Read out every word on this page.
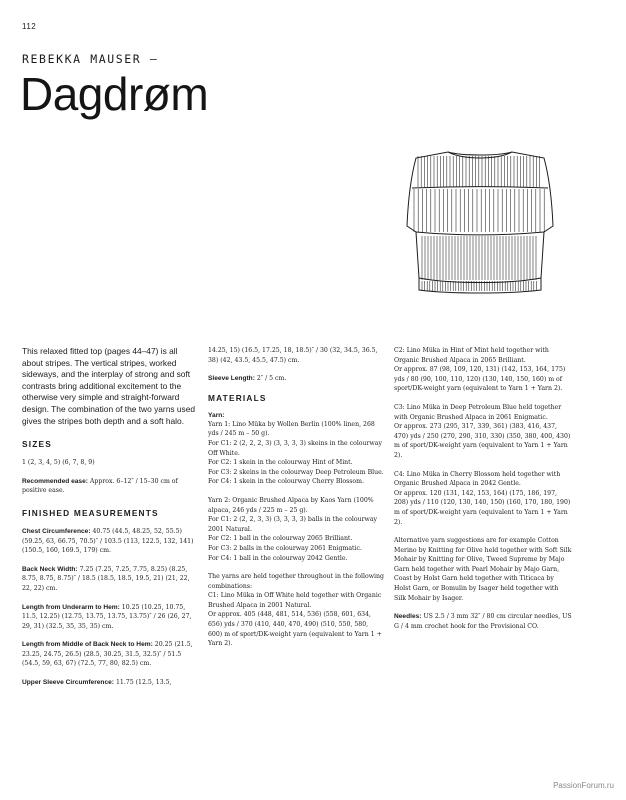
112
REBEKKA MAUSER –
Dagdrøm

This relaxed fitted top (pages 44–47) is all about stripes. The vertical stripes, worked sideways, and the interplay of strong and soft contrasts bring additional excitement to the otherwise very simple and straight-forward design. The combination of the two yarns used gives the stripes both depth and a soft halo.

SIZES

1 (2, 3, 4, 5) (6, 7, 8, 9)

Recommended ease: Approx. 6–12″ / 15–30 cm of positive ease.

FINISHED MEASUREMENTS

Chest Circumference: 40.75 (44.5, 48.25, 52, 55.5) (59.25, 63, 66.75, 70.5)″ / 103.5 (113, 122.5, 132, 141) (150.5, 160, 169.5, 179) cm.

Back Neck Width: 7.25 (7.25, 7.25, 7.75, 8.25) (8.25, 8.75, 8.75, 8.75)″ / 18.5 (18.5, 18.5, 19.5, 21) (21, 22, 22, 22) cm.

Length from Underarm to Hem: 10.25 (10.25, 10.75, 11.5, 12.25) (12.75, 13.75, 13.75, 13.75)″ / 26 (26, 27, 29, 31) (32.5, 35, 35, 35) cm.

Length from Middle of Back Neck to Hem: 20.25 (21.5, 23.25, 24.75, 26.5) (28.5, 30.25, 31.5, 32.5)″ / 51.5 (54.5, 59, 63, 67) (72.5, 77, 80, 82.5) cm.

Upper Sleeve Circumference: 11.75 (12.5, 13.5,

14.25, 15) (16.5, 17.25, 18, 18.5)″ / 30 (32, 34.5, 36.5, 38) (42, 43.5, 45.5, 47.5) cm.

Sleeve Length: 2″ / 5 cm.

MATERIALS
Yarn:

Yarn 1: Lino Müka by Wollen Berlin (100% linen, 268 yds / 245 m – 50 g).

For C1: 2 (2, 2, 2, 3) (3, 3, 3, 3) skeins in the colourway Off White.

For C2: 1 skein in the colourway Hint of Mint.

For C3: 2 skeins in the colourway Deep Petroleum Blue.

For C4: 1 skein in the colourway Cherry Blossom.

Yarn 2: Organic Brushed Alpaca by Kaos Yarn (100% alpaca, 246 yds / 225 m – 25 g).

For C1: 2 (2, 2, 3, 3) (3, 3, 3, 3) balls in the colourway 2001 Natural.

For C2: 1 ball in the colourway 2065 Brilliant.

For C3: 2 balls in the colourway 2061 Enigmatic.

For C4: 1 ball in the colourway 2042 Gentle.

The yarns are held together throughout in the following combinations:

C1: Lino Müka in Off White held together with Organic Brushed Alpaca in 2001 Natural.

Or approx. 405 (448, 481, 514, 536) (558, 601, 634, 656) yds / 370 (410, 440, 470, 490) (510, 550, 580, 600) m of sport/DK-weight yarn (equivalent to Yarn 1 + Yarn 2).

C2: Lino Müka in Hint of Mint held together with Organic Brushed Alpaca in 2065 Brilliant.

Or approx. 87 (98, 109, 120, 131) (142, 153, 164, 175) yds / 80 (90, 100, 110, 120) (130, 140, 150, 160) m of sport/DK-weight yarn (equivalent to Yarn 1 + Yarn 2).

C3: Lino Müka in Deep Petroleum Blue held together with Organic Brushed Alpaca in 2061 Enigmatic.

Or approx. 273 (295, 317, 339, 361) (383, 416, 437, 470) yds / 250 (270, 290, 310, 330) (350, 380, 400, 430) m of sport/DK-weight yarn (equivalent to Yarn 1 + Yarn 2).

C4: Lino Müka in Cherry Blossom held together with Organic Brushed Alpaca in 2042 Gentle.

Or approx. 120 (131, 142, 153, 164) (175, 186, 197, 208) yds / 110 (120, 130, 140, 150) (160, 170, 180, 190) m of sport/DK-weight yarn (equivalent to Yarn 1 + Yarn 2).

Alternative yarn suggestions are for example Cotton Merino by Knitting for Olive held together with Soft Silk Mohair by Knitting for Olive, Tweed Supreme by Majo Garn held together with Pearl Mohair by Majo Garn, Coast by Holst Garn held together with Titicaca by Holst Garn, or Bomulin by Isager held together with Silk Mohair by Isager.

Needles: US 2.5 / 3 mm 32″ / 80 cm circular needles, US G / 4 mm crochet hook for the Provisional CO.

PassionForum.ru
